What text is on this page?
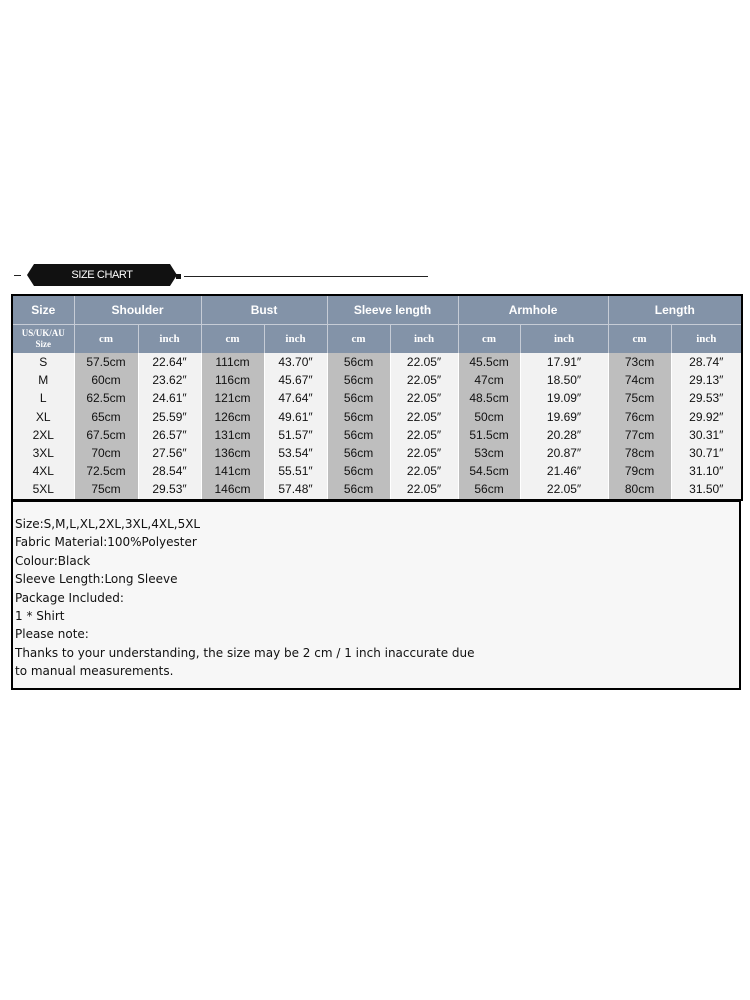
SIZE CHART
Size	Shoulder		Bust		Sleeve length		Armhole		Length	
US/UK/AU
Size	cm	inch	cm	inch	cm	inch	cm	inch	cm	inch
S	57.5cm	22.64″	111cm	43.70″	56cm	22.05″	45.5cm	17.91″	73cm	28.74″
M	60cm	23.62″	116cm	45.67″	56cm	22.05″	47cm	18.50″	74cm	29.13″
L	62.5cm	24.61″	121cm	47.64″	56cm	22.05″	48.5cm	19.09″	75cm	29.53″
XL	65cm	25.59″	126cm	49.61″	56cm	22.05″	50cm	19.69″	76cm	29.92″
2XL	67.5cm	26.57″	131cm	51.57″	56cm	22.05″	51.5cm	20.28″	77cm	30.31″
3XL	70cm	27.56″	136cm	53.54″	56cm	22.05″	53cm	20.87″	78cm	30.71″
4XL	72.5cm	28.54″	141cm	55.51″	56cm	22.05″	54.5cm	21.46″	79cm	31.10″
5XL	75cm	29.53″	146cm	57.48″	56cm	22.05″	56cm	22.05″	80cm	31.50″
Size:S,M,L,XL,2XL,3XL,4XL,5XL
Fabric Material:100%Polyester
Colour:Black
Sleeve Length:Long Sleeve
Package Included:
1 * Shirt
Please note:
Thanks to your understanding, the size may be 2 cm / 1 inch inaccurate due
to manual measurements.
